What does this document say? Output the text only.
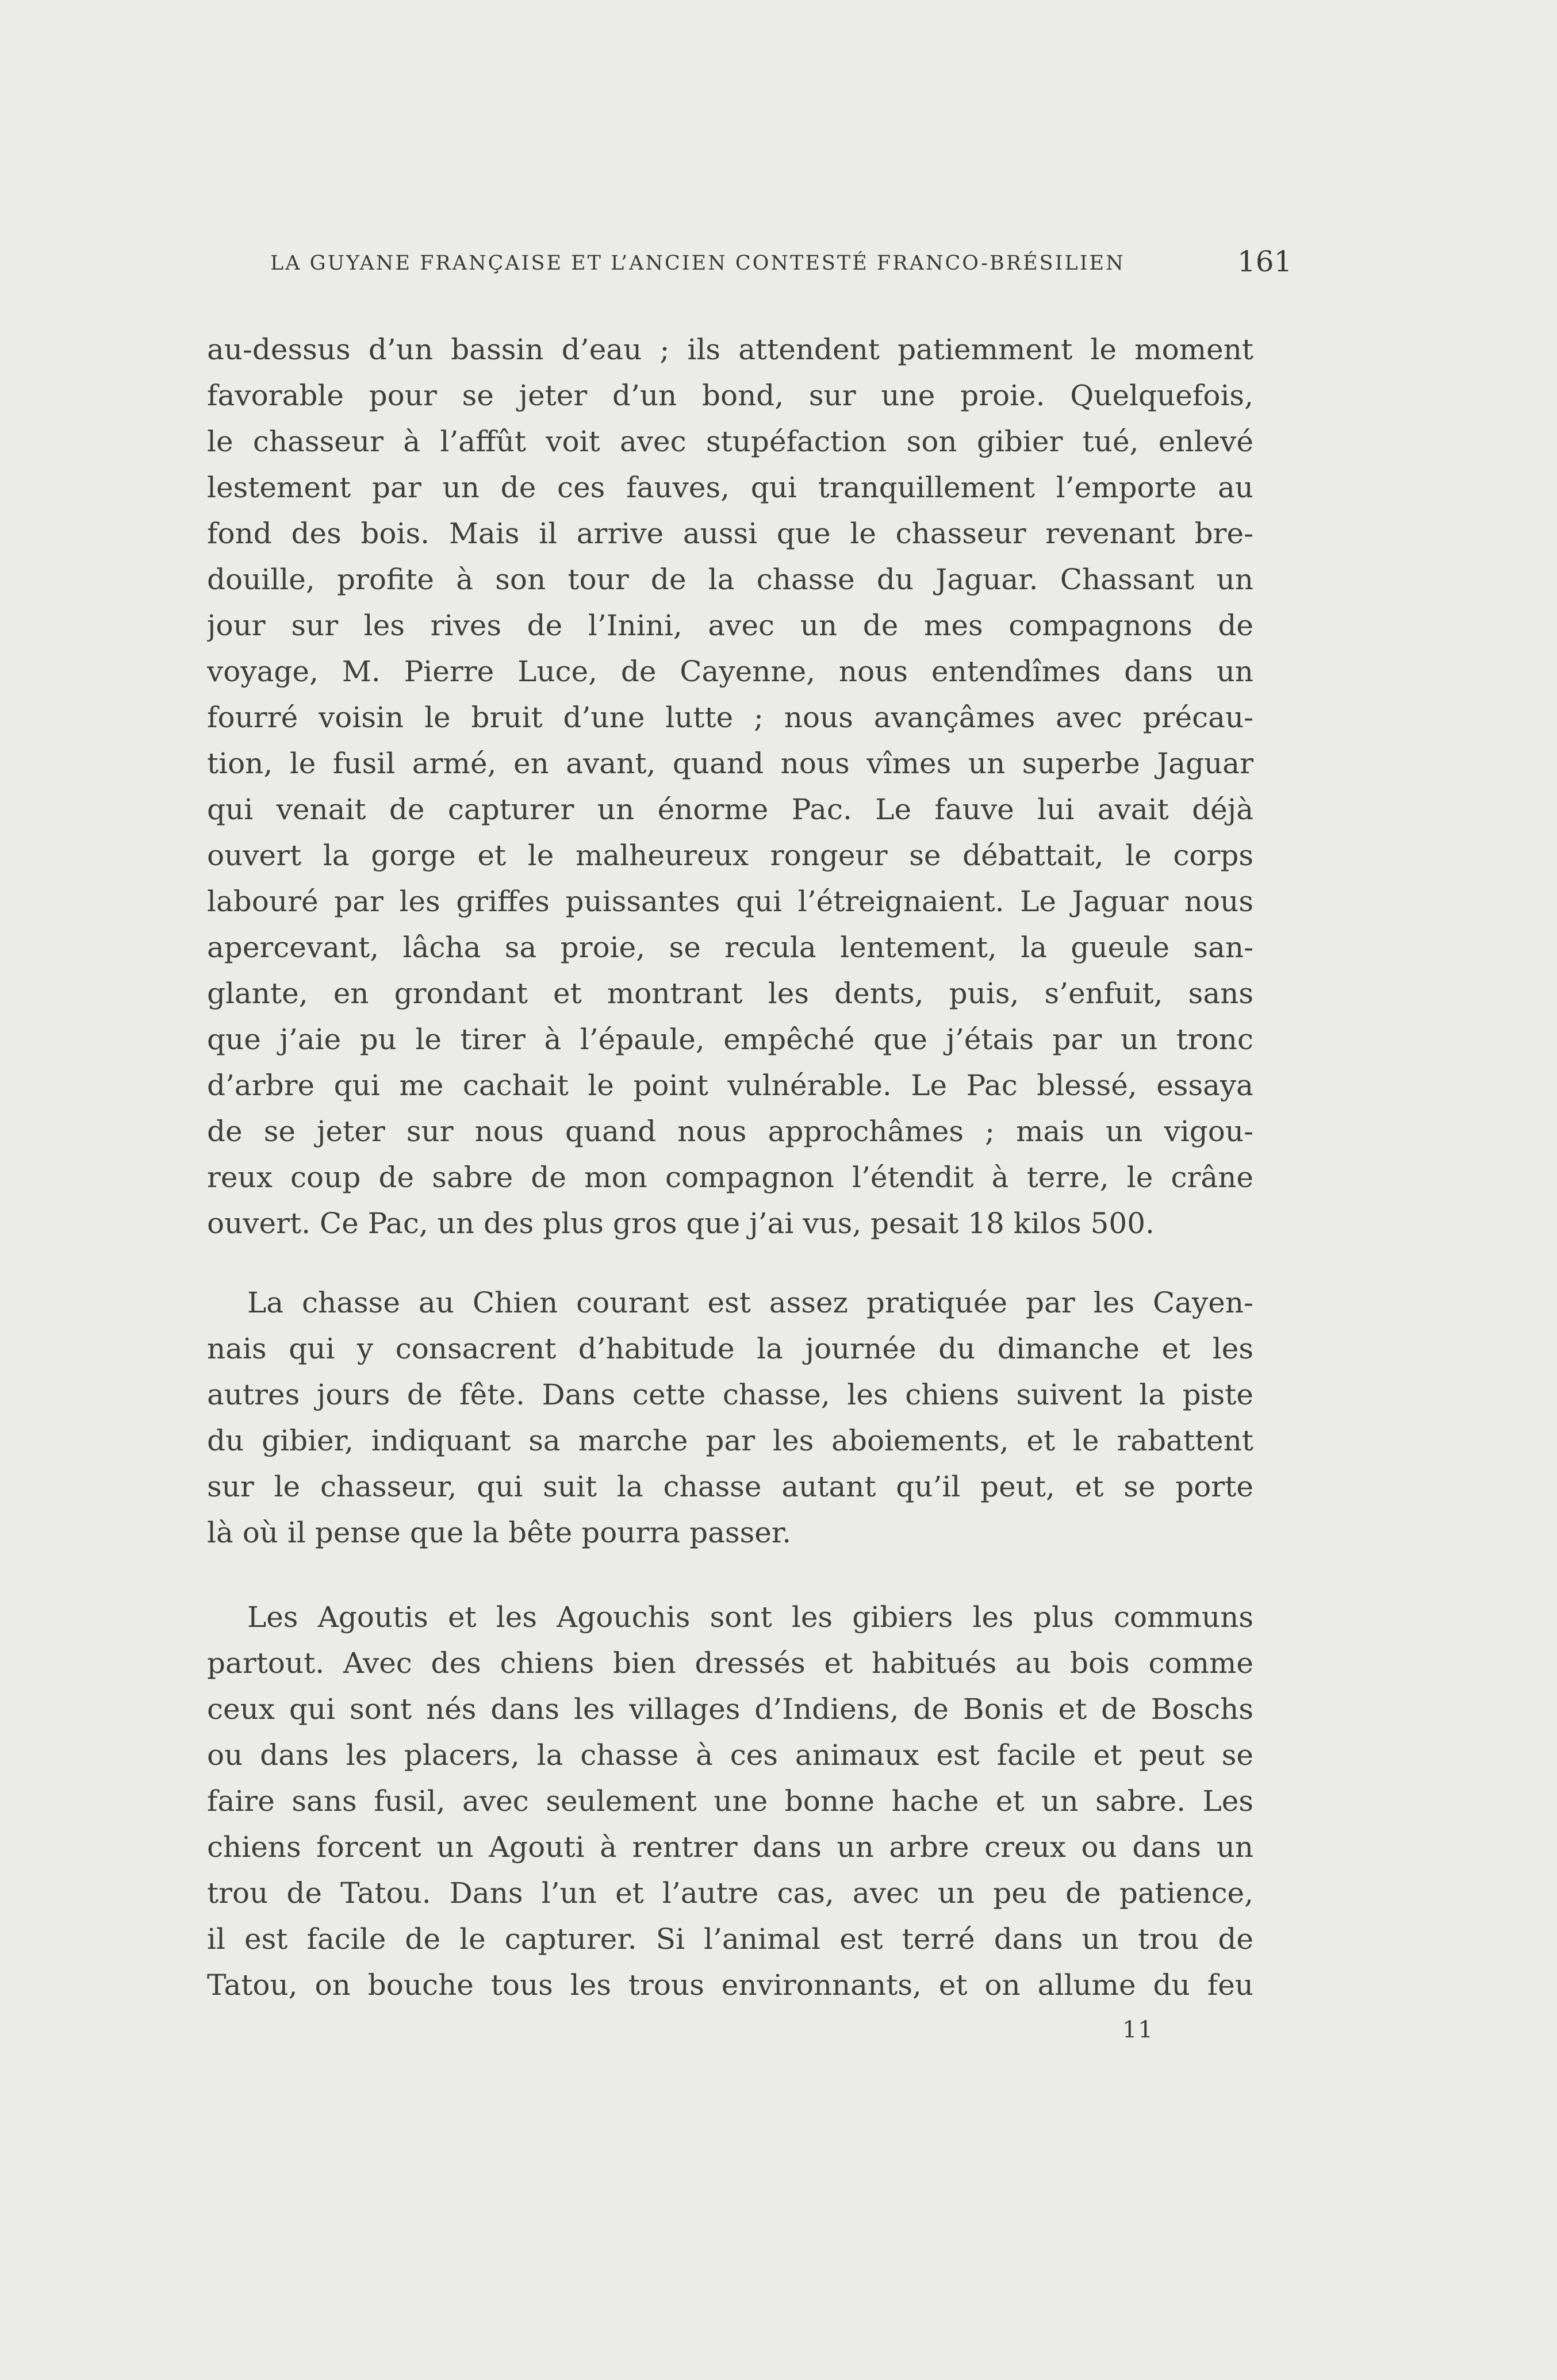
LA GUYANE FRANÇAISE ET L’ANCIEN CONTESTÉ FRANCO-BRÉSILIEN	161
au-dessus d’un bassin d’eau ; ils attendent patiemment le moment
favorable pour se jeter d’un bond, sur une proie. Quelquefois,
le chasseur à l’affût voit avec stupéfaction son gibier tué, enlevé
lestement par un de ces fauves, qui tranquillement l’emporte au
fond des bois. Mais il arrive aussi que le chasseur revenant bre-
douille, profite à son tour de la chasse du Jaguar. Chassant un
jour sur les rives de l’Inini, avec un de mes compagnons de
voyage, M. Pierre Luce, de Cayenne, nous entendîmes dans un
fourré voisin le bruit d’une lutte ; nous avançâmes avec précau-
tion, le fusil armé, en avant, quand nous vîmes un superbe Jaguar
qui venait de capturer un énorme Pac. Le fauve lui avait déjà
ouvert la gorge et le malheureux rongeur se débattait, le corps
labouré par les griffes puissantes qui l’étreignaient. Le Jaguar nous
apercevant, lâcha sa proie, se recula lentement, la gueule san-
glante, en grondant et montrant les dents, puis, s’enfuit, sans
que j’aie pu le tirer à l’épaule, empêché que j’étais par un tronc
d’arbre qui me cachait le point vulnérable. Le Pac blessé, essaya
de se jeter sur nous quand nous approchâmes ; mais un vigou-
reux coup de sabre de mon compagnon l’étendit à terre, le crâne
ouvert. Ce Pac, un des plus gros que j’ai vus, pesait 18 kilos 500.
La chasse au Chien courant est assez pratiquée par les Cayen-
nais qui y consacrent d’habitude la journée du dimanche et les
autres jours de fête. Dans cette chasse, les chiens suivent la piste
du gibier, indiquant sa marche par les aboiements, et le rabattent
sur le chasseur, qui suit la chasse autant qu’il peut, et se porte
là où il pense que la bête pourra passer.
Les Agoutis et les Agouchis sont les gibiers les plus communs
partout. Avec des chiens bien dressés et habitués au bois comme
ceux qui sont nés dans les villages d’Indiens, de Bonis et de Boschs
ou dans les placers, la chasse à ces animaux est facile et peut se
faire sans fusil, avec seulement une bonne hache et un sabre. Les
chiens forcent un Agouti à rentrer dans un arbre creux ou dans un
trou de Tatou. Dans l’un et l’autre cas, avec un peu de patience,
il est facile de le capturer. Si l’animal est terré dans un trou de
Tatou, on bouche tous les trous environnants, et on allume du feu
11
